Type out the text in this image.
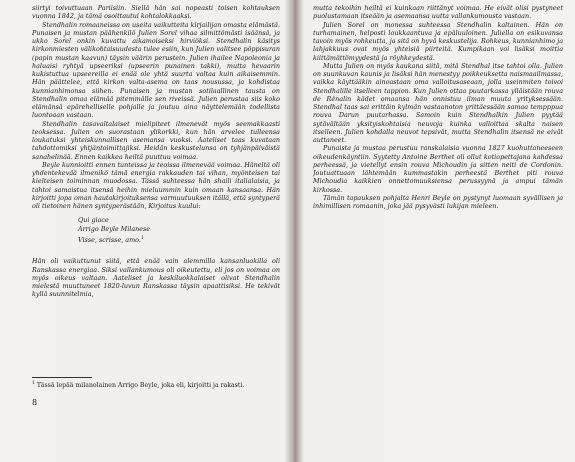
siirtyi toivuttuaan Pariisiin. Siellä hän sai nopeasti toisen kohtauksen vuonna 1842, ja tämä osoittautui kohtalokkaaksi.

Stendhalin romaaneissa on useita vaikutteita kirjailijan omasta elämästä. Punaisen ja mustan päähenkilö Julien Sorel vihaa silmittömästi isäänsä, ja ukko Sorel onkin kuvattu aikamoiseksi hirviöksi. Stendhalin käsitys kirkonmiesten välikohtaisuudesta tulee esiin, kun Julien valitsee pöppisuran (papin mustan kaavun) täysin väärin perustein. Julien ihailee Napoleonia ja haluaisi ryhtyä upseeriksi (upseerin punainen takki), mutta hevaarin kukistuttua upseereilla ei enää ole yhtä suurta valtaa kuin aikaisemmin. Hän päättelee, että kirkon valta-asema on taas nousussa, ja kohdistaa kunnianhimonsa siihen. Punaisen ja mustan sotilaallinen tausta on Stendhalin omaa elämää pitemmälle sen riveissä. Julien perustaa siis koko elämänsä epärehelliselle pohjalle ja joutuu aina näyttelemään todellista luontoaan vastaan.

Stendhalin tasavaltalaiset mielipiteet ilmenevät myös seemakkaasti teoksessa. Julien on suorastaan ylikorkki, kun hän arvelee tulleensa loukatuksi yhteiskunnallisen asemansa vuoksi. Aateliset taas kuvataan tahdottomiksi yhtjäntoimittajiksi. Heidän keskustelunsa on tyhjänpäiväistä sanahelinää. Ennen kaikkea heiltä puuttuu voimaa.

Beyle kunnioitti ennen tunteissa ja teoissa ilmenevää voimaa. Häneltä oli yhdentekevää ilmenikö tämä energia rakkauden tai vihan, myönteisen tai kielteisen toiminnan muodossa. Tässä suhteessa hän shaili italialaisia, ja tahtoi samaistua itsensä heihin mieluummin kuin omaan kansaansa. Hän kirjoitti jopa oman hautakirjoituksensa varmuutuuksen itällä, että syntyperä oli tietoinen hänen syntyperästään, Kirjoitus kuului:

Qui giace
Arrigo Beyle Milanese
Visse, scrisse, amo.$^1$

Hän oli vaikuttunut siitä, että enää vain alemmilla kansanluokilla oli Ranskassa energiaa. Siksi vallankumous oli oikeutettu, eli jos on voimaa on myös oikeus valtaan. Aateliset ja keskiluokkalaiset olivat Stendhalin mielestä muuttuneet 1820-luvun Ranskassa täysin apaattisiksi. He tekivät kyllä suunnitelmia,

$^1$ Tässä lepää milanolainen Arrigo Beyle, joka eli, kirjoitti ja rakasti.
8

mutta tekoihin heiltä ei kuinkaan riittänyt voimaa. He eivät olisi pystyneet puolustamaan itseään ja asemaansa uutta vallankumousta vastaan.

Julien Sorel on monessa suhteessa Stendhalin kaltainen. Hän on turhamainen, helposti loukkaantuva ja epäluuloinen. Juliella on esikuvansa tavoin myös rohkeutta, ja sitä on hyvä keskustelija. Rohkeus, kunnianhimo ja lahjakkuus ovat myös yhteisiä piirteitä. Kumpikaan voi lisäksi moittia kiittämättömyydestä ja röyhkeydestä.

Mutta Julien on myös kaukana siitä, mitä Stendhal itse tahtoi olla. Julien on suunkuvan kaunis ja lisäksi hän menestyy poikkeuksetta naismaailmassa, vaikka käyttääkin ainoastaan oma valloitusaseaan, jolla useinmiten toivoi Stendhalille itselleen tappion. Kun Julien ottaa puutarkassa ylläistään rouva de Rênalin kädet omaansa hän onnistuu ilman muuta yrityksessään. Stendhal taas sai erittäin kylmän vastaanoton yrittäessään samaa tempppua rouva Darun puutarhassa. Samoin kuin Stendhalkin Julien pyytää sytävältään yksityiskohtaisia neuvoja kuinka valloittaa skalta naisen itselleen. Julien kohdalla neuvot tepsivät, mutta Stendhalin itsensä ne eivät auttaneet.

Punaista ja mustaa perustuu ranskalaisia vuonna 1827 kuohuttaneeseen oikeudenkäyntiin. Syytetty Antoine Berthet oli ollut kotiopettajana kahdessa perheessä, ja vietellyt ensin rouva Michoudin ja sitten neiti de Cordonin. Joutuattuaan lähtemään kummastakin perheestä Berthet piti rouva Michoudia kaikkien onnettomuuksiensa perussyynä ja ampui tämän kirkossa.

Tämän tapauksen pohjalta Henri Beyle on pystynyt luomaan syvällisen ja inhimillisen romaanin, joka jää pysyvästi lukijan mieleen.
